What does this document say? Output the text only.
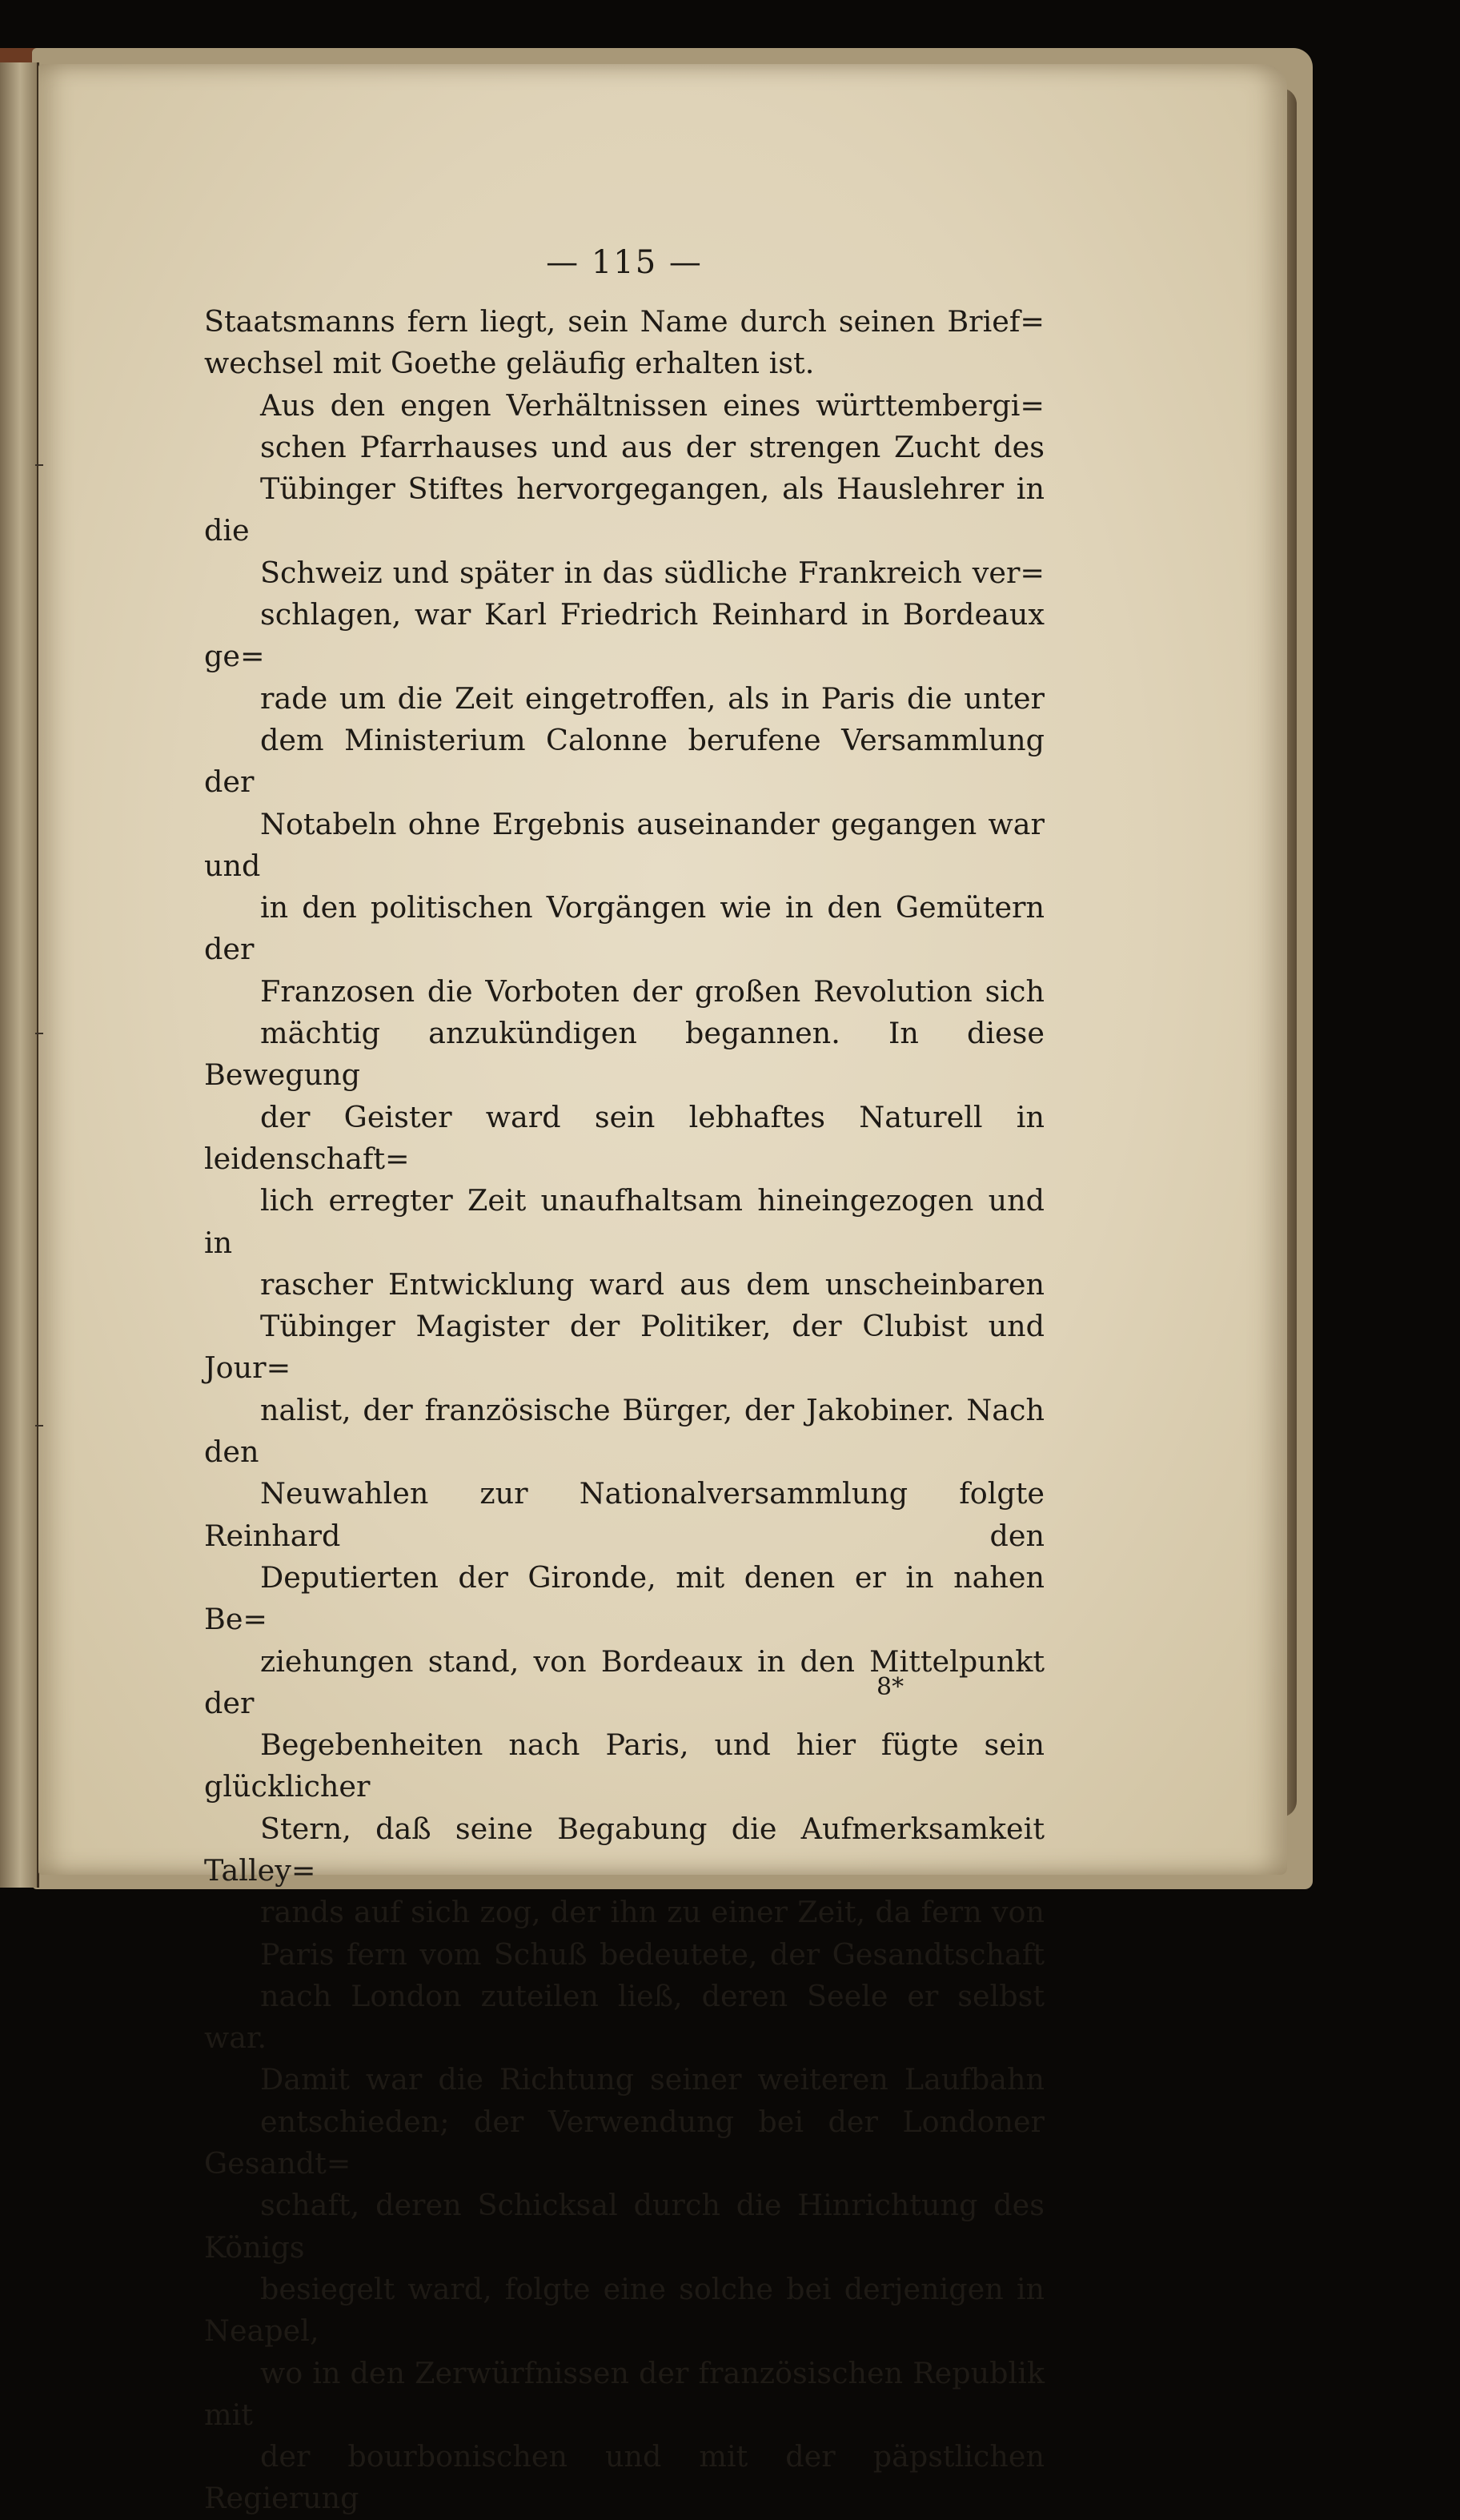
— 115 —

Staatsmanns fern liegt, sein Name durch seinen Brief=
wechsel mit Goethe geläufig erhalten ist.

Aus den engen Verhältnissen eines württembergi=
schen Pfarrhauses und aus der strengen Zucht des
Tübinger Stiftes hervorgegangen, als Hauslehrer in die
Schweiz und später in das südliche Frankreich ver=
schlagen, war Karl Friedrich Reinhard in Bordeaux ge=
rade um die Zeit eingetroffen, als in Paris die unter
dem Ministerium Calonne berufene Versammlung der
Notabeln ohne Ergebnis auseinander gegangen war und
in den politischen Vorgängen wie in den Gemütern der
Franzosen die Vorboten der großen Revolution sich
mächtig anzukündigen begannen. In diese Bewegung
der Geister ward sein lebhaftes Naturell in leidenschaft=
lich erregter Zeit unaufhaltsam hineingezogen und in
rascher Entwicklung ward aus dem unscheinbaren
Tübinger Magister der Politiker, der Clubist und Jour=
nalist, der französische Bürger, der Jakobiner. Nach den
Neuwahlen zur Nationalversammlung folgte Reinhard den
Deputierten der Gironde, mit denen er in nahen Be=
ziehungen stand, von Bordeaux in den Mittelpunkt der
Begebenheiten nach Paris, und hier fügte sein glücklicher
Stern, daß seine Begabung die Aufmerksamkeit Talley=
rands auf sich zog, der ihn zu einer Zeit, da fern von
Paris fern vom Schuß bedeutete, der Gesandtschaft
nach London zuteilen ließ, deren Seele er selbst war.

Damit war die Richtung seiner weiteren Laufbahn
entschieden; der Verwendung bei der Londoner Gesandt=
schaft, deren Schicksal durch die Hinrichtung des Königs
besiegelt ward, folgte eine solche bei derjenigen in Neapel,
wo in den Zerwürfnissen der französischen Republik mit
der bourbonischen und mit der päpstlichen Regierung

8*
